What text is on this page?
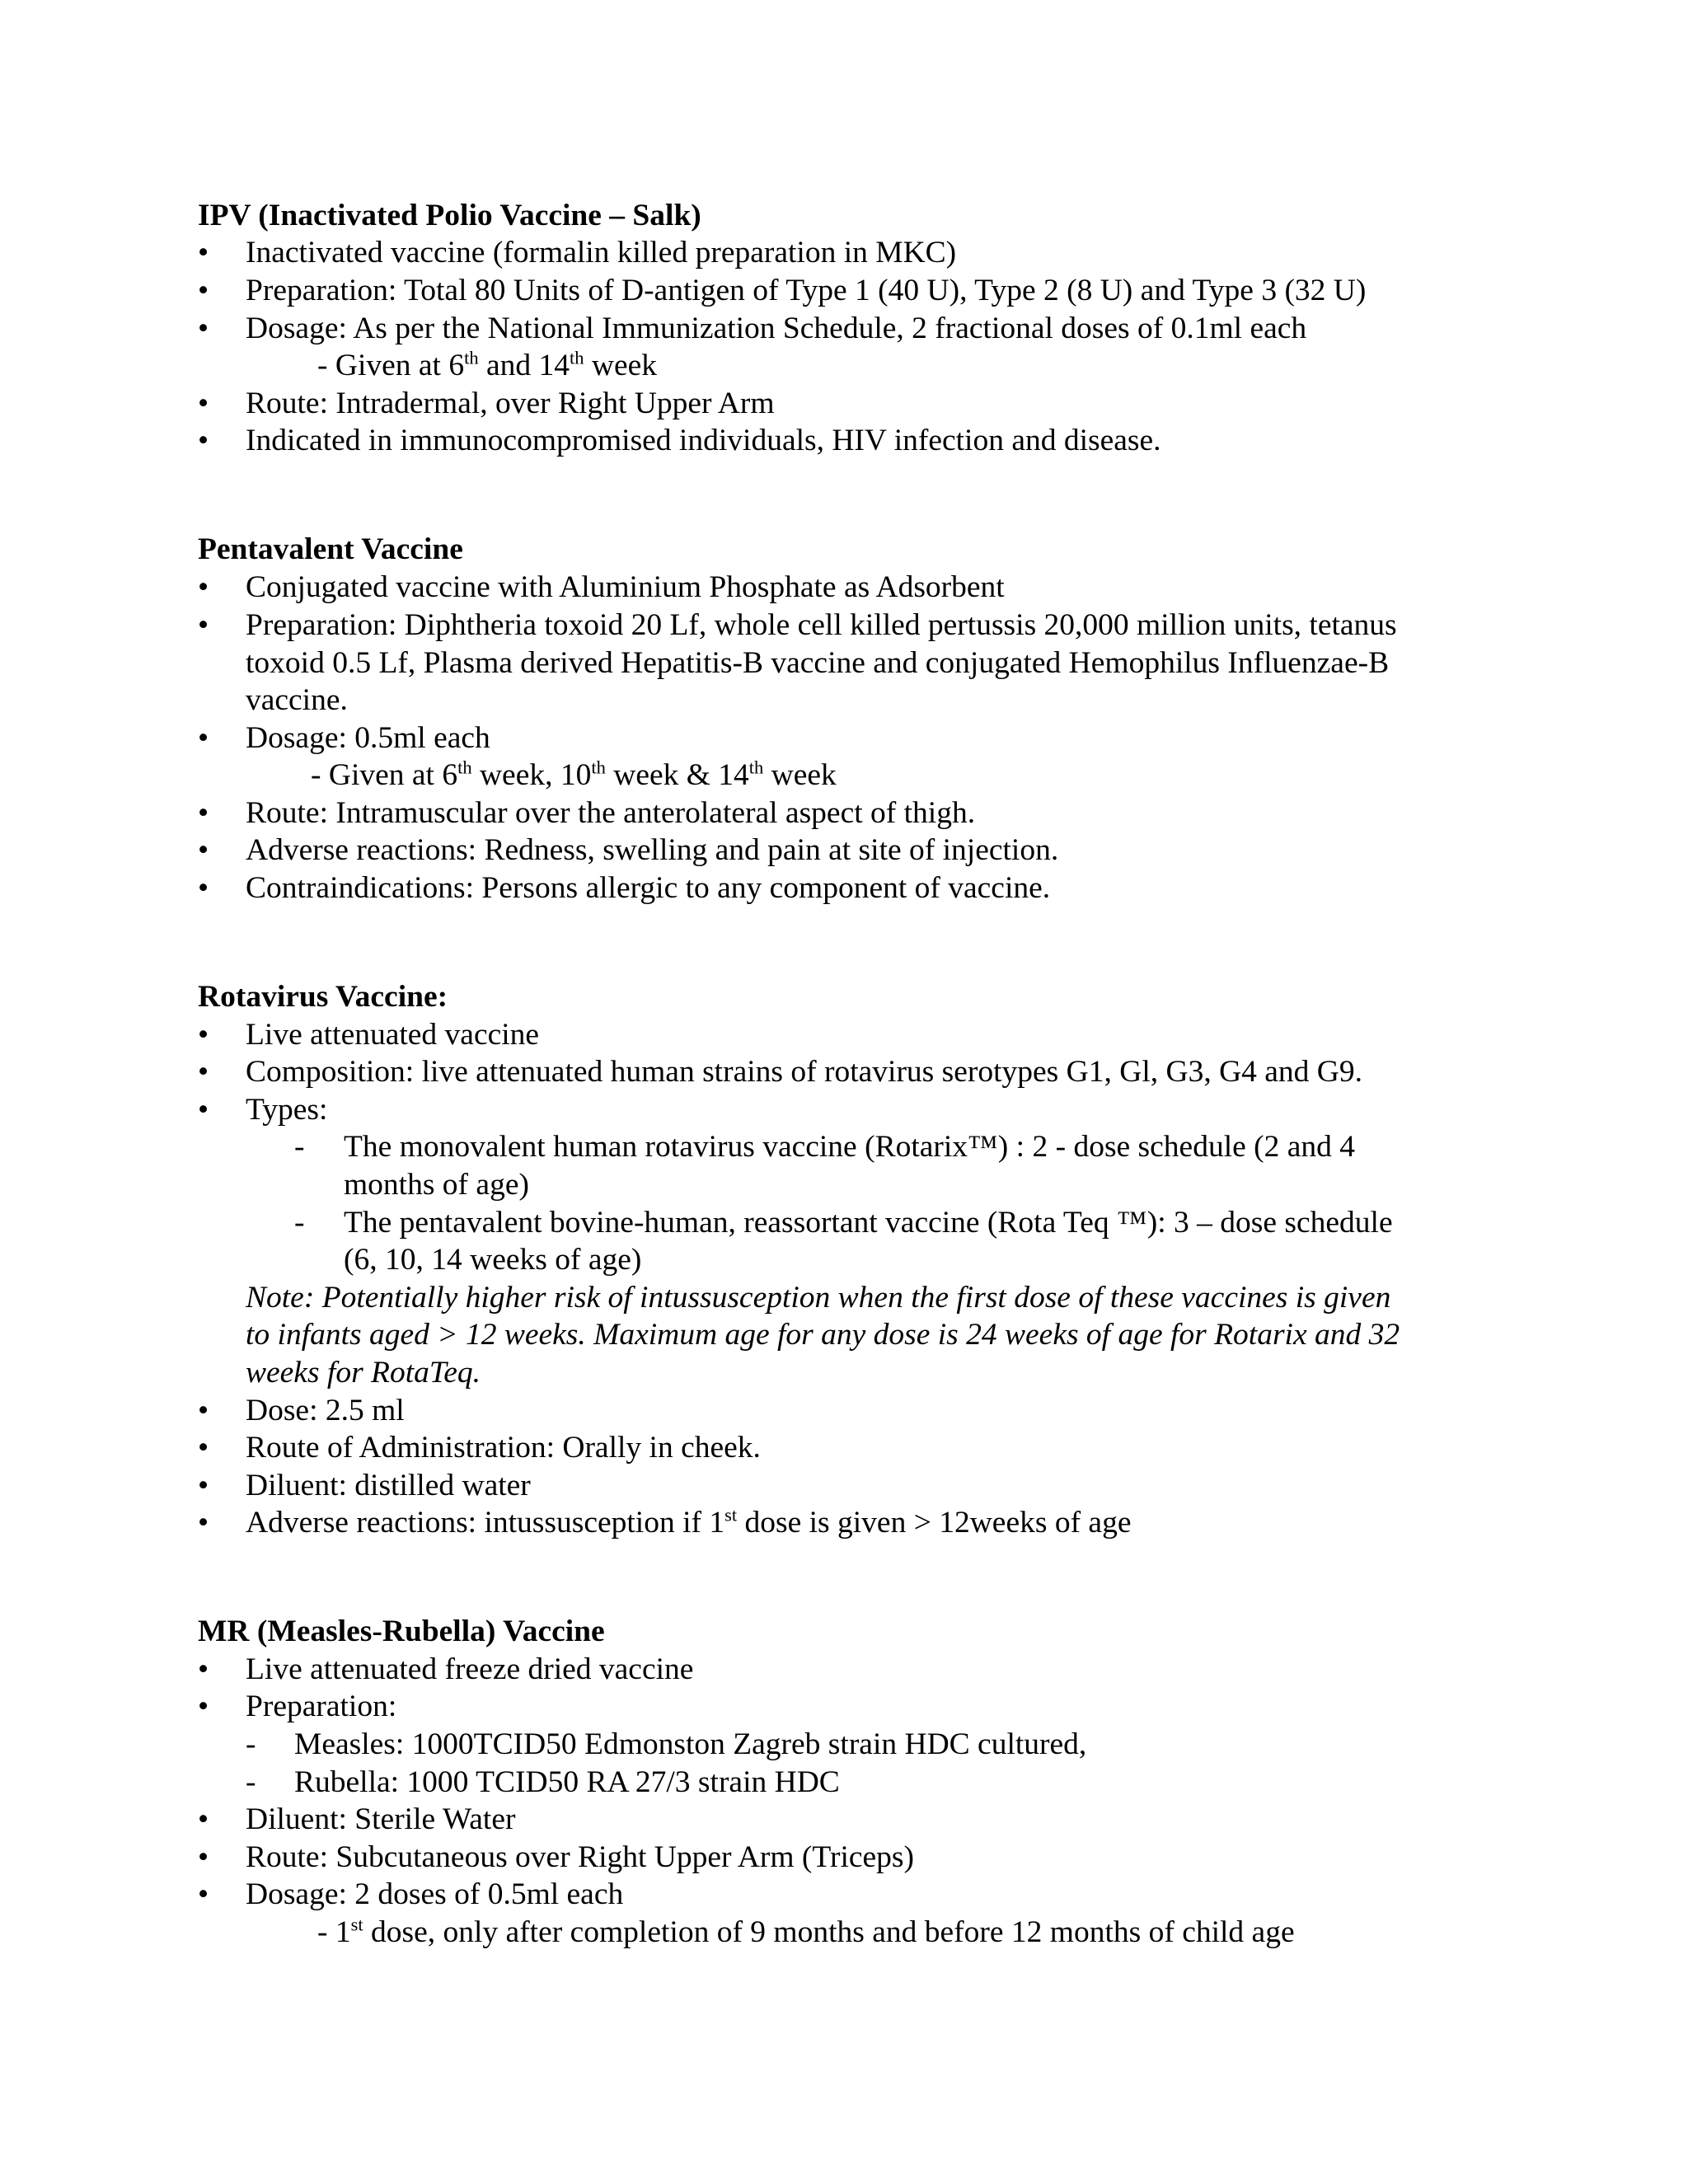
IPV (Inactivated Polio Vaccine – Salk)
• Inactivated vaccine (formalin killed preparation in MKC)
• Preparation: Total 80 Units of D-antigen of Type 1 (40 U), Type 2 (8 U) and Type 3 (32 U)
• Dosage: As per the National Immunization Schedule, 2 fractional doses of 0.1ml each
- Given at 6th and 14th week
• Route: Intradermal, over Right Upper Arm
• Indicated in immunocompromised individuals, HIV infection and disease.
Pentavalent Vaccine
• Conjugated vaccine with Aluminium Phosphate as Adsorbent
• Preparation: Diphtheria toxoid 20 Lf, whole cell killed pertussis 20,000 million units, tetanus
toxoid 0.5 Lf, Plasma derived Hepatitis-B vaccine and conjugated Hemophilus Influenzae-B
vaccine.
• Dosage: 0.5ml each
- Given at 6th week, 10th week & 14th week
• Route: Intramuscular over the anterolateral aspect of thigh.
• Adverse reactions: Redness, swelling and pain at site of injection.
• Contraindications: Persons allergic to any component of vaccine.
Rotavirus Vaccine:
• Live attenuated vaccine
• Composition: live attenuated human strains of rotavirus serotypes G1, Gl, G3, G4 and G9.
• Types:
- The monovalent human rotavirus vaccine (Rotarix™) : 2 - dose schedule (2 and 4
months of age)
- The pentavalent bovine-human, reassortant vaccine (Rota Teq ™): 3 – dose schedule
(6, 10, 14 weeks of age)
Note: Potentially higher risk of intussusception when the first dose of these vaccines is given
to infants aged > 12 weeks. Maximum age for any dose is 24 weeks of age for Rotarix and 32
weeks for RotaTeq.
• Dose: 2.5 ml
• Route of Administration: Orally in cheek.
• Diluent: distilled water
• Adverse reactions: intussusception if 1st dose is given > 12weeks of age
MR (Measles-Rubella) Vaccine
• Live attenuated freeze dried vaccine
• Preparation:
- Measles: 1000TCID50 Edmonston Zagreb strain HDC cultured,
- Rubella: 1000 TCID50 RA 27/3 strain HDC
• Diluent: Sterile Water
• Route: Subcutaneous over Right Upper Arm (Triceps)
• Dosage: 2 doses of 0.5ml each
- 1st dose, only after completion of 9 months and before 12 months of child age
